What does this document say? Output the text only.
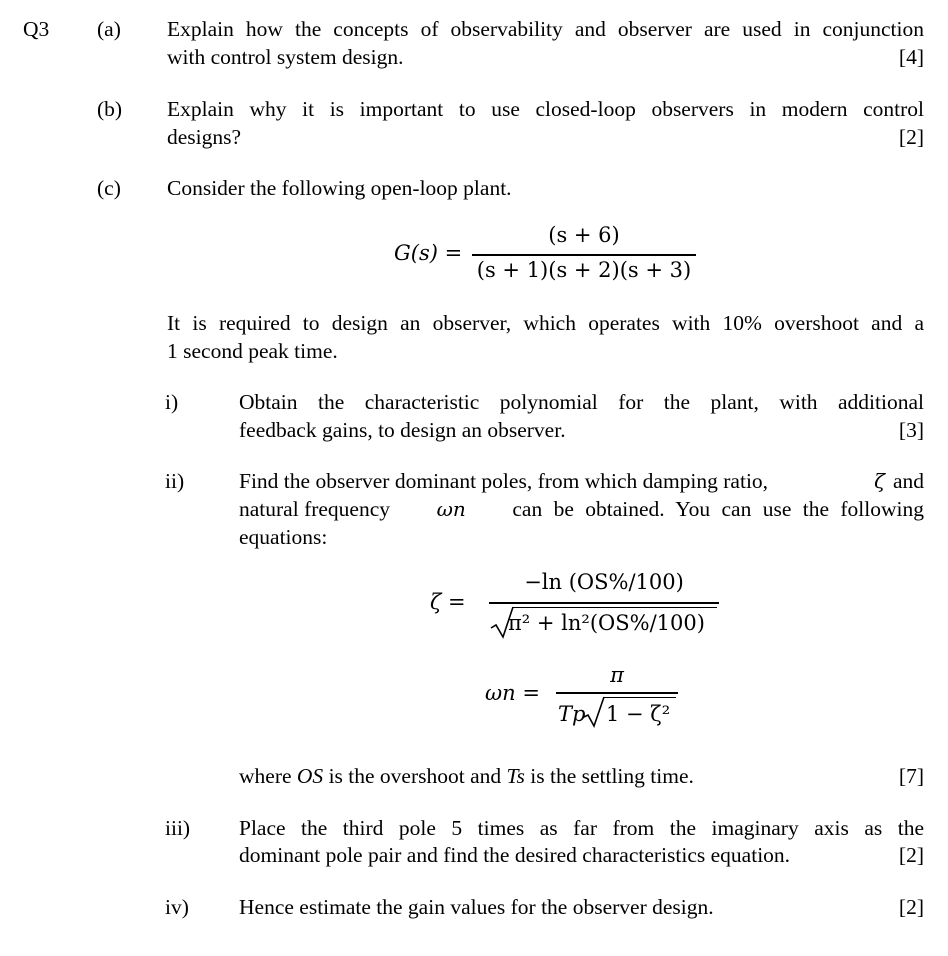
Q3 (a) Explain how the concepts of observability and observer are used in conjunction
with control system design.	[4]
(b) Explain why it is important to use closed-loop observers in modern control
designs?	[2]
(c) Consider the following open-loop plant.
G(s) =
(s + 6)
(s + 1)(s + 2)(s + 3)
It is required to design an observer, which operates with 10% overshoot and a
1 second peak time.
i)	Obtain the characteristic polynomial for the plant, with additional
feedback gains, to design an observer.	[3]
ii)	Find the observer dominant poles, from which damping ratio,	ζ and
natural frequency ωn can be obtained. You can use the following
equations:
ζ =
−ln (OS%/100)
π² + ln²(OS%/100)
ωn =
π
Tp 1 − ζ²
where OS is the overshoot and Ts is the settling time.	[7]
iii) Place the third pole 5 times as far from the imaginary axis as the
dominant pole pair and find the desired characteristics equation.	[2]
iv) Hence estimate the gain values for the observer design.	[2]
